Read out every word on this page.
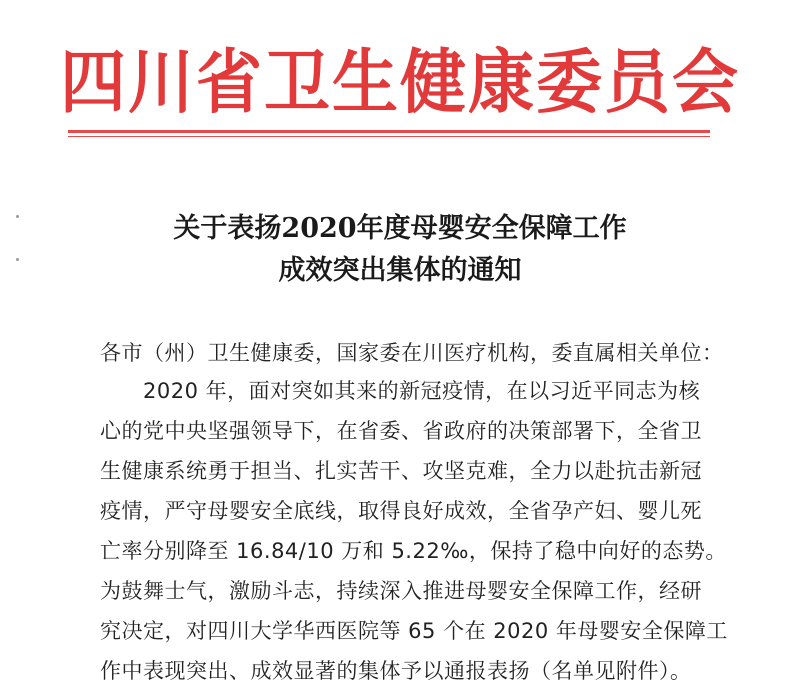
四川省卫生健康委员会
关于表扬2020年度母婴安全保障工作
成效突出集体的通知
各市（州）卫生健康委，国家委在川医疗机构，委直属相关单位：
2020 年，面对突如其来的新冠疫情，在以习近平同志为核
心的党中央坚强领导下，在省委、省政府的决策部署下，全省卫
生健康系统勇于担当、扎实苦干、攻坚克难，全力以赴抗击新冠
疫情，严守母婴安全底线，取得良好成效，全省孕产妇、婴儿死
亡率分别降至 16.84/10 万和 5.22‰，保持了稳中向好的态势。
为鼓舞士气，激励斗志，持续深入推进母婴安全保障工作，经研
究决定，对四川大学华西医院等 65 个在 2020 年母婴安全保障工
作中表现突出、成效显著的集体予以通报表扬（名单见附件）。
